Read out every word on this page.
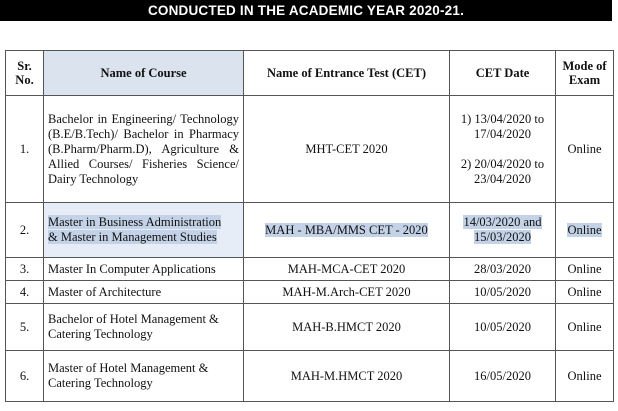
CONDUCTED IN THE ACADEMIC YEAR 2020-21.
Sr.
No.	Name of Course	Name of Entrance Test (CET)	CET Date	Mode of
Exam
1.	Bachelor in Engineering/ Technology (B.E/B.Tech)/ Bachelor in Pharmacy (B.Pharm/Pharm.D), Agriculture & Allied Courses/ Fisheries Science/ Dairy Technology	MHT-CET 2020	1) 13/04/2020 to
17/04/2020

2) 20/04/2020 to
23/04/2020	Online
2.	Master in Business Administration
& Master in Management Studies	MAH - MBA/MMS CET - 2020	14/03/2020 and
15/03/2020	Online
3.	Master In Computer Applications	MAH-MCA-CET 2020	28/03/2020	Online
4.	Master of Architecture	MAH-M.Arch-CET 2020	10/05/2020	Online
5.	Bachelor of Hotel Management &
Catering Technology	MAH-B.HMCT 2020	10/05/2020	Online
6.	Master of Hotel Management &
Catering Technology	MAH-M.HMCT 2020	16/05/2020	Online
